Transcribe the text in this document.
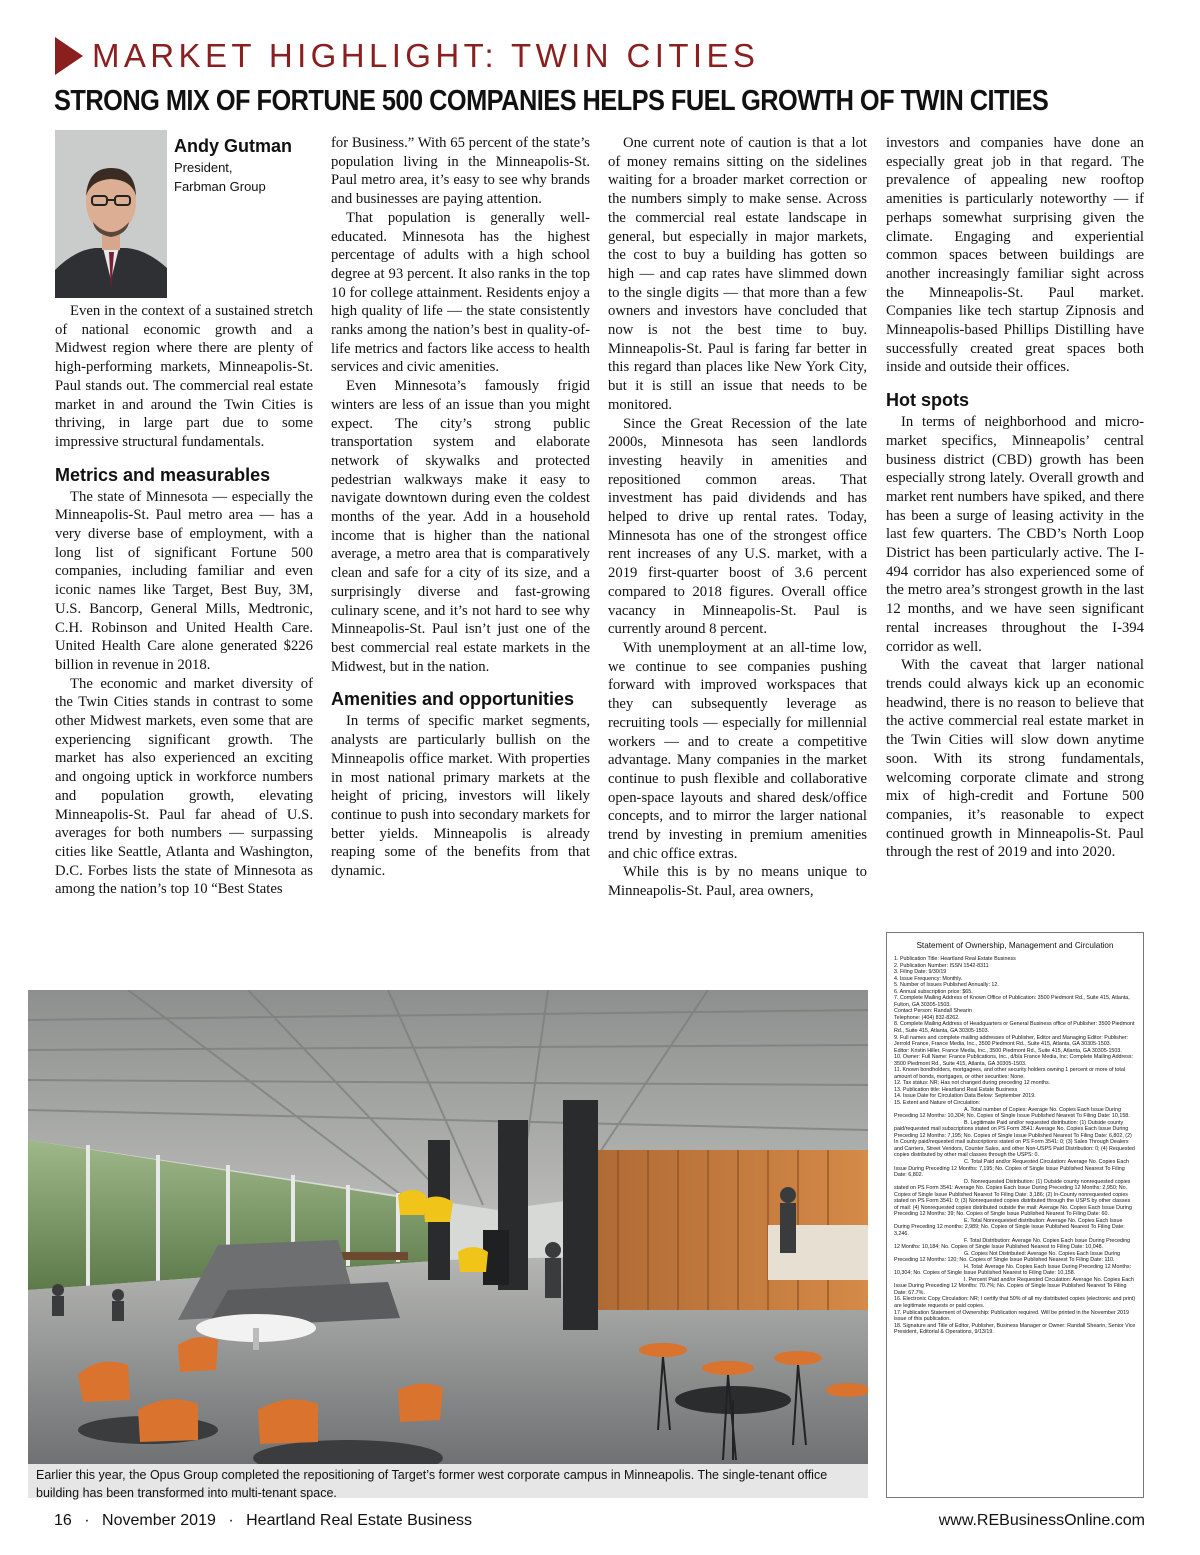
MARKET HIGHLIGHT: TWIN CITIES
STRONG MIX OF FORTUNE 500 COMPANIES HELPS FUEL GROWTH OF TWIN CITIES
Andy Gutman
President,
Farbman Group

Even in the context of a sustained stretch of national economic growth and a Midwest region where there are plenty of high-performing markets, Minneapolis-St. Paul stands out. The commercial real estate market in and around the Twin Cities is thriving, in large part due to some impressive structural fundamentals.

Metrics and measurables

The state of Minnesota — especially the Minneapolis-St. Paul metro area — has a very diverse base of employment, with a long list of significant Fortune 500 companies, including familiar and even iconic names like Target, Best Buy, 3M, U.S. Bancorp, General Mills, Medtronic, C.H. Robinson and United Health Care. United Health Care alone generated $226 billion in revenue in 2018.

The economic and market diversity of the Twin Cities stands in contrast to some other Midwest markets, even some that are experiencing significant growth. The market has also experienced an exciting and ongoing uptick in workforce numbers and population growth, elevating Minneapolis-St. Paul far ahead of U.S. averages for both numbers — surpassing cities like Seattle, Atlanta and Washington, D.C. Forbes lists the state of Minnesota as among the nation’s top 10 “Best States

for Business.” With 65 percent of the state’s population living in the Minneapolis-St. Paul metro area, it’s easy to see why brands and businesses are paying attention.

That population is generally well-educated. Minnesota has the highest percentage of adults with a high school degree at 93 percent. It also ranks in the top 10 for college attainment. Residents enjoy a high quality of life — the state consistently ranks among the nation’s best in quality-of-life metrics and factors like access to health services and civic amenities.

Even Minnesota’s famously frigid winters are less of an issue than you might expect. The city’s strong public transportation system and elaborate network of skywalks and protected pedestrian walkways make it easy to navigate downtown during even the coldest months of the year. Add in a household income that is higher than the national average, a metro area that is comparatively clean and safe for a city of its size, and a surprisingly diverse and fast-growing culinary scene, and it’s not hard to see why Minneapolis-St. Paul isn’t just one of the best commercial real estate markets in the Midwest, but in the nation.

Amenities and opportunities

In terms of specific market segments, analysts are particularly bullish on the Minneapolis office market. With properties in most national primary markets at the height of pricing, investors will likely continue to push into secondary markets for better yields. Minneapolis is already reaping some of the benefits from that dynamic.

One current note of caution is that a lot of money remains sitting on the sidelines waiting for a broader market correction or the numbers simply to make sense. Across the commercial real estate landscape in general, but especially in major markets, the cost to buy a building has gotten so high — and cap rates have slimmed down to the single digits — that more than a few owners and investors have concluded that now is not the best time to buy. Minneapolis-St. Paul is faring far better in this regard than places like New York City, but it is still an issue that needs to be monitored.

Since the Great Recession of the late 2000s, Minnesota has seen landlords investing heavily in amenities and repositioned common areas. That investment has paid dividends and has helped to drive up rental rates. Today, Minnesota has one of the strongest office rent increases of any U.S. market, with a 2019 first-quarter boost of 3.6 percent compared to 2018 figures. Overall office vacancy in Minneapolis-St. Paul is currently around 8 percent.

With unemployment at an all-time low, we continue to see companies pushing forward with improved workspaces that they can subsequently leverage as recruiting tools — especially for millennial workers — and to create a competitive advantage. Many companies in the market continue to push flexible and collaborative open-space layouts and shared desk/office concepts, and to mirror the larger national trend by investing in premium amenities and chic office extras.

While this is by no means unique to Minneapolis-St. Paul, area owners,

investors and companies have done an especially great job in that regard. The prevalence of appealing new rooftop amenities is particularly noteworthy — if perhaps somewhat surprising given the climate. Engaging and experiential common spaces between buildings are another increasingly familiar sight across the Minneapolis-St. Paul market. Companies like tech startup Zipnosis and Minneapolis-based Phillips Distilling have successfully created great spaces both inside and outside their offices.

Hot spots

In terms of neighborhood and micro-market specifics, Minneapolis’ central business district (CBD) growth has been especially strong lately. Overall growth and market rent numbers have spiked, and there has been a surge of leasing activity in the last few quarters. The CBD’s North Loop District has been particularly active. The I-494 corridor has also experienced some of the metro area’s strongest growth in the last 12 months, and we have seen significant rental increases throughout the I-394 corridor as well.

With the caveat that larger national trends could always kick up an economic headwind, there is no reason to believe that the active commercial real estate market in the Twin Cities will slow down anytime soon. With its strong fundamentals, welcoming corporate climate and strong mix of high-credit and Fortune 500 companies, it’s reasonable to expect continued growth in Minneapolis-St. Paul through the rest of 2019 and into 2020.

Earlier this year, the Opus Group completed the repositioning of Target’s former west corporate campus in Minneapolis. The single-tenant office building has been transformed into multi-tenant space.
Statement of Ownership, Management and Circulation
1. Publication Title: Heartland Real Estate Business
2. Publication Number: ISSN 1542-8311
3. Filing Date: 9/30/19
4. Issue Frequency: Monthly.
5. Number of Issues Published Annually: 12.
6. Annual subscription price: $65.
7. Complete Mailing Address of Known Office of Publication: 3500 Piedmont Rd., Suite 415, Atlanta, Fulton, GA 30305-1503.
Contact Person: Randall Shearin
Telephone: (404) 832-8262.
8. Complete Mailing Address of Headquarters or General Business office of Publisher: 3500 Piedmont Rd., Suite 415, Atlanta, GA 30305-1503.
9. Full names and complete mailing addresses of Publisher, Editor and Managing Editor: Publisher: Jerrold France, France Media, Inc., 3500 Piedmont Rd., Suite 415, Atlanta, GA 30305-1503.
Editor: Kristin Hiller, France Media, Inc., 3500 Piedmont Rd., Suite 415, Atlanta, GA 30305-1503.
10. Owner: Full Name: France Publications, Inc., d/b/a France Media, Inc; Complete Mailing Address: 3500 Piedmont Rd., Suite 415, Atlanta, GA 30305-1503.
11. Known bondholders, mortgagees, and other security holders owning 1 percent or more of total amount of bonds, mortgages, or other securities: None.
12. Tax status: NR; Has not changed during preceding 12 months.
13. Publication title: Heartland Real Estate Business
14. Issue Date for Circulation Data Below: September 2019.
15. Extent and Nature of Circulation:
A. Total number of Copies: Average No. Copies Each Issue During Preceding 12 Months: 10,304; No. Copies of Single Issue Published Nearest To Filing Date: 10,158.
B. Legitimate Paid and/or requested distribution: (1) Outside county paid/requested mail subscriptions stated on PS Form 3541: Average No. Copies Each Issue During Preceding 12 Months: 7,195; No. Copies of Single Issue Published Nearest To Filing Date: 6,802, (2) In County paid/requested mail subscriptions stated on PS Form 3541: 0; (3) Sales Through Dealers and Carriers, Street Vendors, Counter Sales, and other Non-USPS Paid Distribution: 0; (4) Requested copies distributed by other mail classes through the USPS: 0.
C. Total Paid and/or Requested Circulation: Average No. Copies Each Issue During Preceding 12 Months: 7,195; No. Copies of Single Issue Published Nearest To Filing Date: 6,802.
D. Nonrequested Distribution: (1) Outside county nonrequested copies stated on PS Form 3541: Average No. Copies Each Issue During Preceding 12 Months: 2,950; No. Copies of Single Issue Published Nearest To Filing Date: 3,186; (2) In-County nonrequested copies stated on PS Form 3541: 0; (3) Nonrequested copies distributed through the USPS by other classes of mail: (4) Nonrequested copies distributed outside the mail: Average No. Copies Each Issue During Preceding 12 Months: 39; No. Copies of Single Issue Published Nearest To Filing Date: 60.
E. Total Nonrequested distribution: Average No. Copies Each Issue During Preceding 12 months: 2,989; No. Copies of Single Issue Published Nearest To Filing Date: 3,246.
F. Total Distribution: Average No. Copies Each Issue During Preceding 12 Months: 10,184; No. Copies of Single Issue Published Nearest to Filing Date: 10,048.
G. Copies Not Distributed: Average No. Copies Each Issue During Preceding 12 Months: 120; No. Copies of Single Issue Published Nearest To Filing Date: 110.
H. Total: Average No. Copies Each Issue During Preceding 12 Months: 10,304; No. Copies of Single Issue Published Nearest to Filing Date: 10,158.
I. Percent Paid and/or Requested Circulation: Average No. Copies Each Issue During Preceding 12 Months: 70.7%; No. Copies of Single Issue Published Nearest To Filing Date: 67.7%.
16. Electronic Copy Circulation: NR; I certify that 50% of all my distributed copies (electronic and print) are legitimate requests or paid copies.
17. Publication Statement of Ownership: Publication required. Will be printed in the November 2019 issue of this publication.
18. Signature and Title of Editor, Publisher, Business Manager or Owner: Randall Shearin, Senior Vice President, Editorial & Operations, 9/13/19.
16 · November 2019 · Heartland Real Estate Business	www.REBusinessOnline.com
